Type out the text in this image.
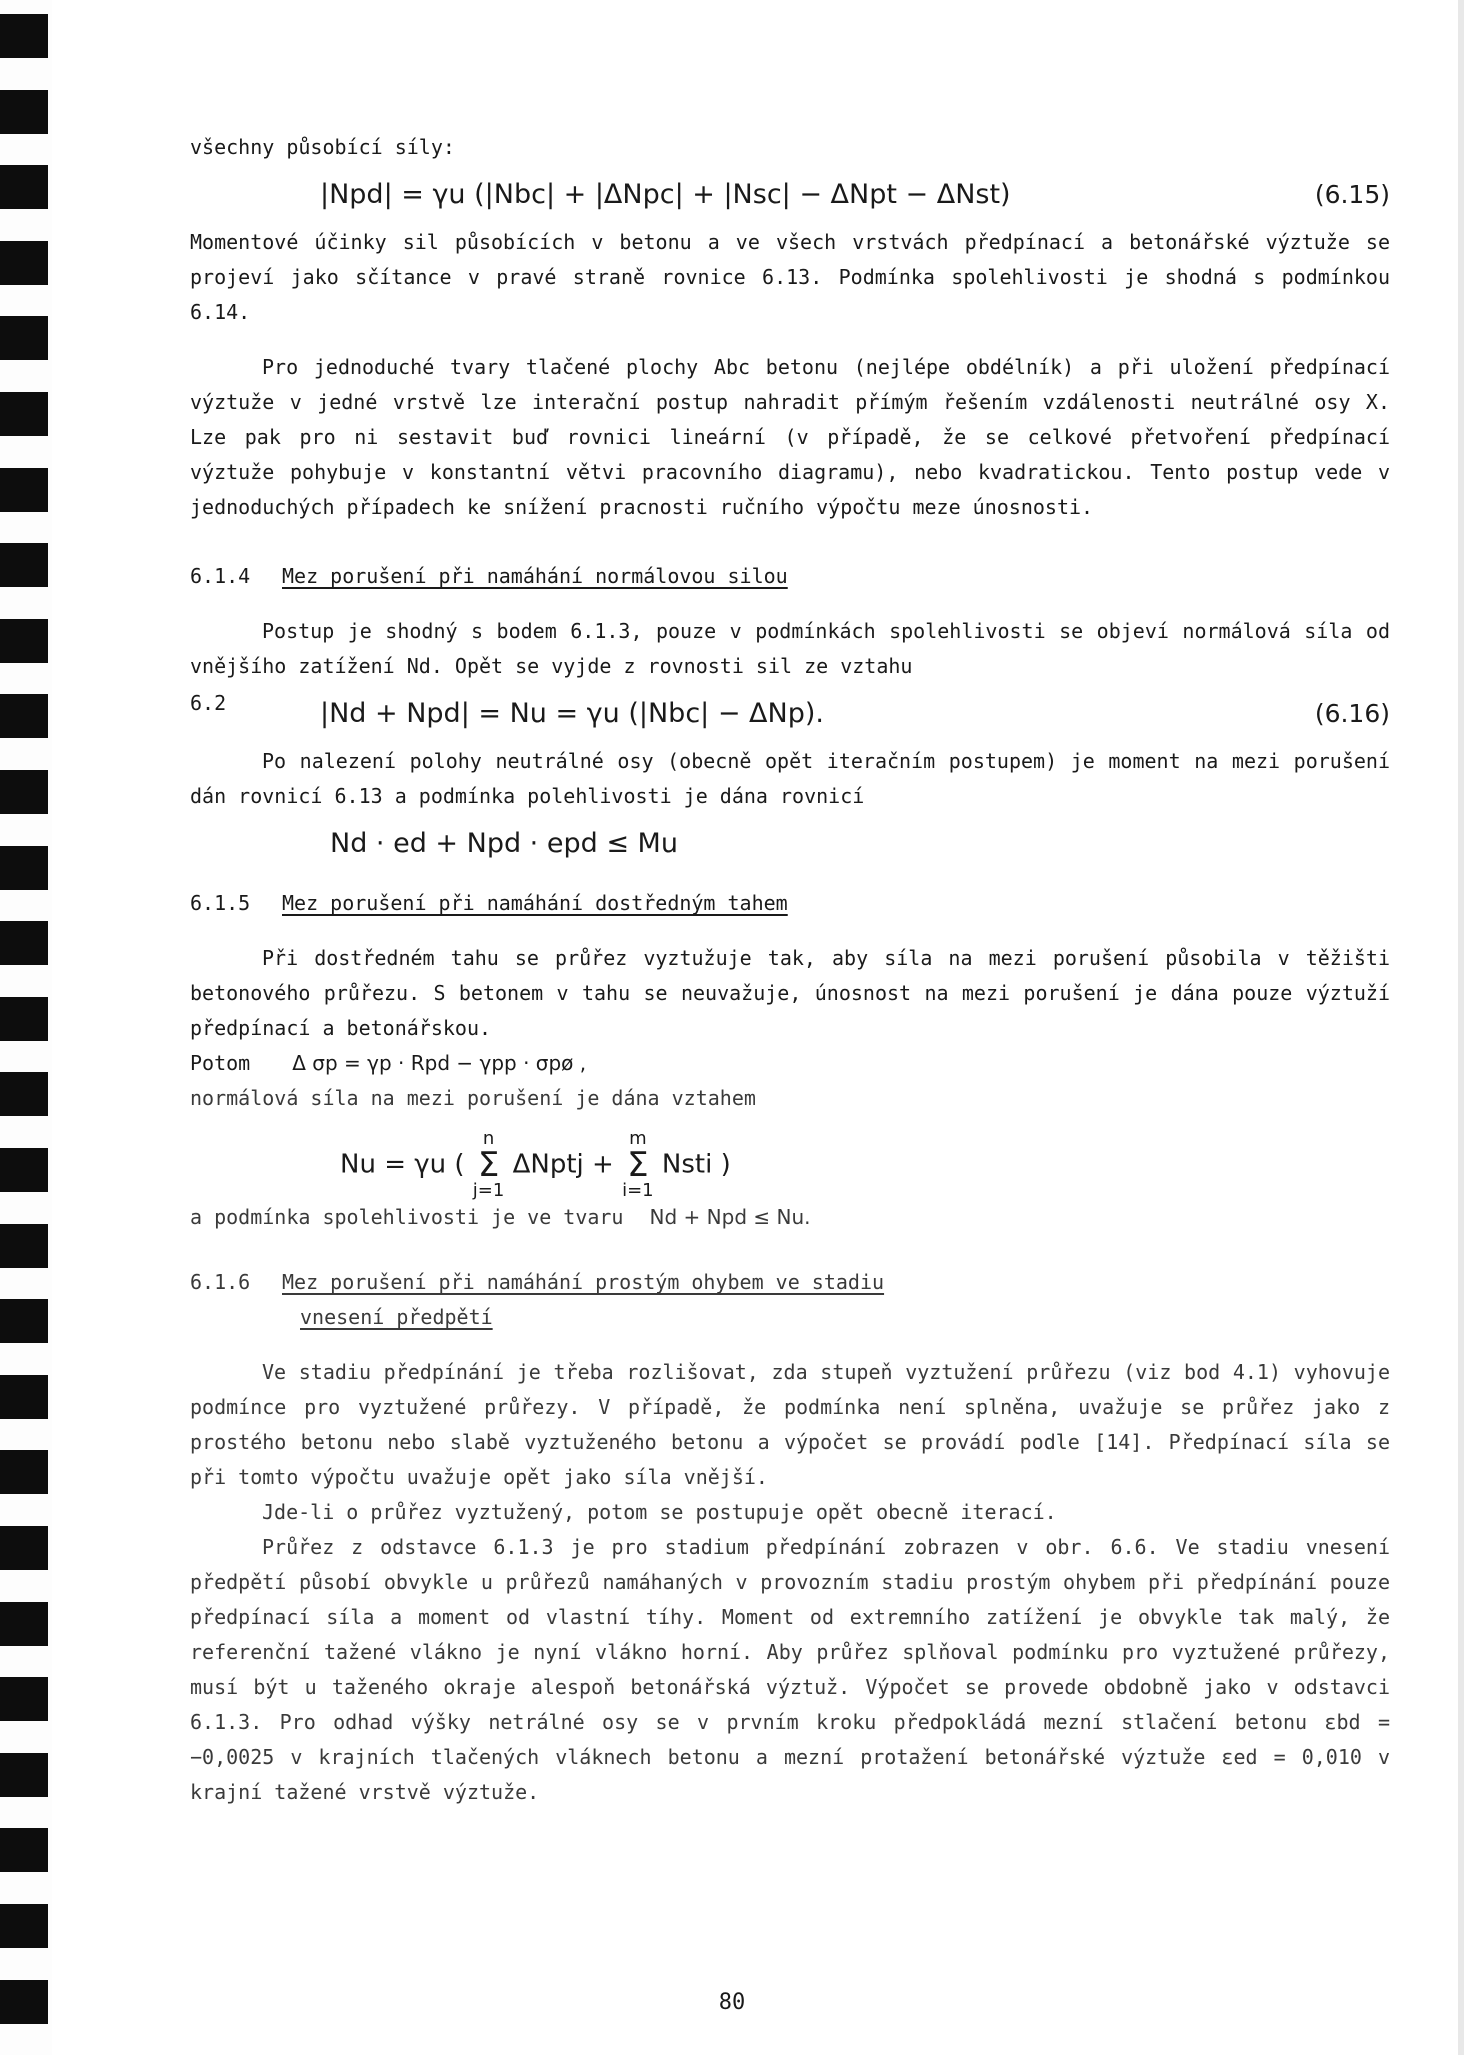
všechny působící síly:

|Npd| = γu (|Nbc| + |ΔNpc| + |Nsc| − ΔNpt − ΔNst)	(6.15)

Momentové účinky sil působících v betonu a ve všech vrstvách předpínací a betonářské výztuže se projeví jako sčítance v pravé straně rovnice 6.13. Podmínka spolehlivosti je shodná s podmínkou 6.14.

Pro jednoduché tvary tlačené plochy Abc betonu (nejlépe obdélník) a při uložení předpínací výztuže v jedné vrstvě lze interační postup nahradit přímým řešením vzdálenosti neutrálné osy X. Lze pak pro ni sestavit buď rovnici lineární (v případě, že se celkové přetvoření předpínací výztuže pohybuje v konstantní větvi pracovního diagramu), nebo kvadratickou. Tento postup vede v jednoduchých případech ke snížení pracnosti ručního výpočtu meze únosnosti.

6.1.4 Mez porušení při namáhání normálovou silou

Postup je shodný s bodem 6.1.3, pouze v podmínkách spolehlivosti se objeví normálová síla od vnějšího zatížení Nd. Opět se vyjde z rovnosti sil ze vztahu

6.2	|Nd + Npd| = Nu = γu (|Nbc| − ΔNp).	(6.16)

Po nalezení polohy neutrálné osy (obecně opět iteračním postupem) je moment na mezi porušení dán rovnicí 6.13 a podmínka polehlivosti je dána rovnicí

Nd · ed + Npd · epd ≤ Mu
6.1.5 Mez porušení při namáhání dostředným tahem

Při dostředném tahu se průřez vyztužuje tak, aby síla na mezi porušení působila v těžišti betonového průřezu. S betonem v tahu se neuvažuje, únosnost na mezi porušení je dána pouze výztuží předpínací a betonářskou.

Potom Δ σp = γp · Rpd − γpp · σpø ,

normálová síla na mezi porušení je dána vztahem

Nu = γu ( n
Σ
j=1 ΔNptj + m
Σ
i=1 Nsti )

a podmínka spolehlivosti je ve tvaru Nd + Npd ≤ Nu.

6.1.6 Mez porušení při namáhání prostým ohybem ve stadiu
vnesení předpětí

Ve stadiu předpínání je třeba rozlišovat, zda stupeň vyztužení průřezu (viz bod 4.1) vyhovuje podmínce pro vyztužené průřezy. V případě, že podmínka není splněna, uvažuje se průřez jako z prostého betonu nebo slabě vyztuženého betonu a výpočet se provádí podle [14]. Předpínací síla se při tomto výpočtu uvažuje opět jako síla vnější.

Jde-li o průřez vyztužený, potom se postupuje opět obecně iterací.

Průřez z odstavce 6.1.3 je pro stadium předpínání zobrazen v obr. 6.6. Ve stadiu vnesení předpětí působí obvykle u průřezů namáhaných v provozním stadiu prostým ohybem při předpínání pouze předpínací síla a moment od vlastní tíhy. Moment od extremního zatížení je obvykle tak malý, že referenční tažené vlákno je nyní vlákno horní. Aby průřez splňoval podmínku pro vyztužené průřezy, musí být u taženého okraje alespoň betonářská výztuž. Výpočet se provede obdobně jako v odstavci 6.1.3. Pro odhad výšky netrálné osy se v prvním kroku předpokládá mezní stlačení betonu εbd = −0,0025 v krajních tlačených vláknech betonu a mezní protažení betonářské výztuže εed = 0,010 v krajní tažené vrstvě výztuže.

80
